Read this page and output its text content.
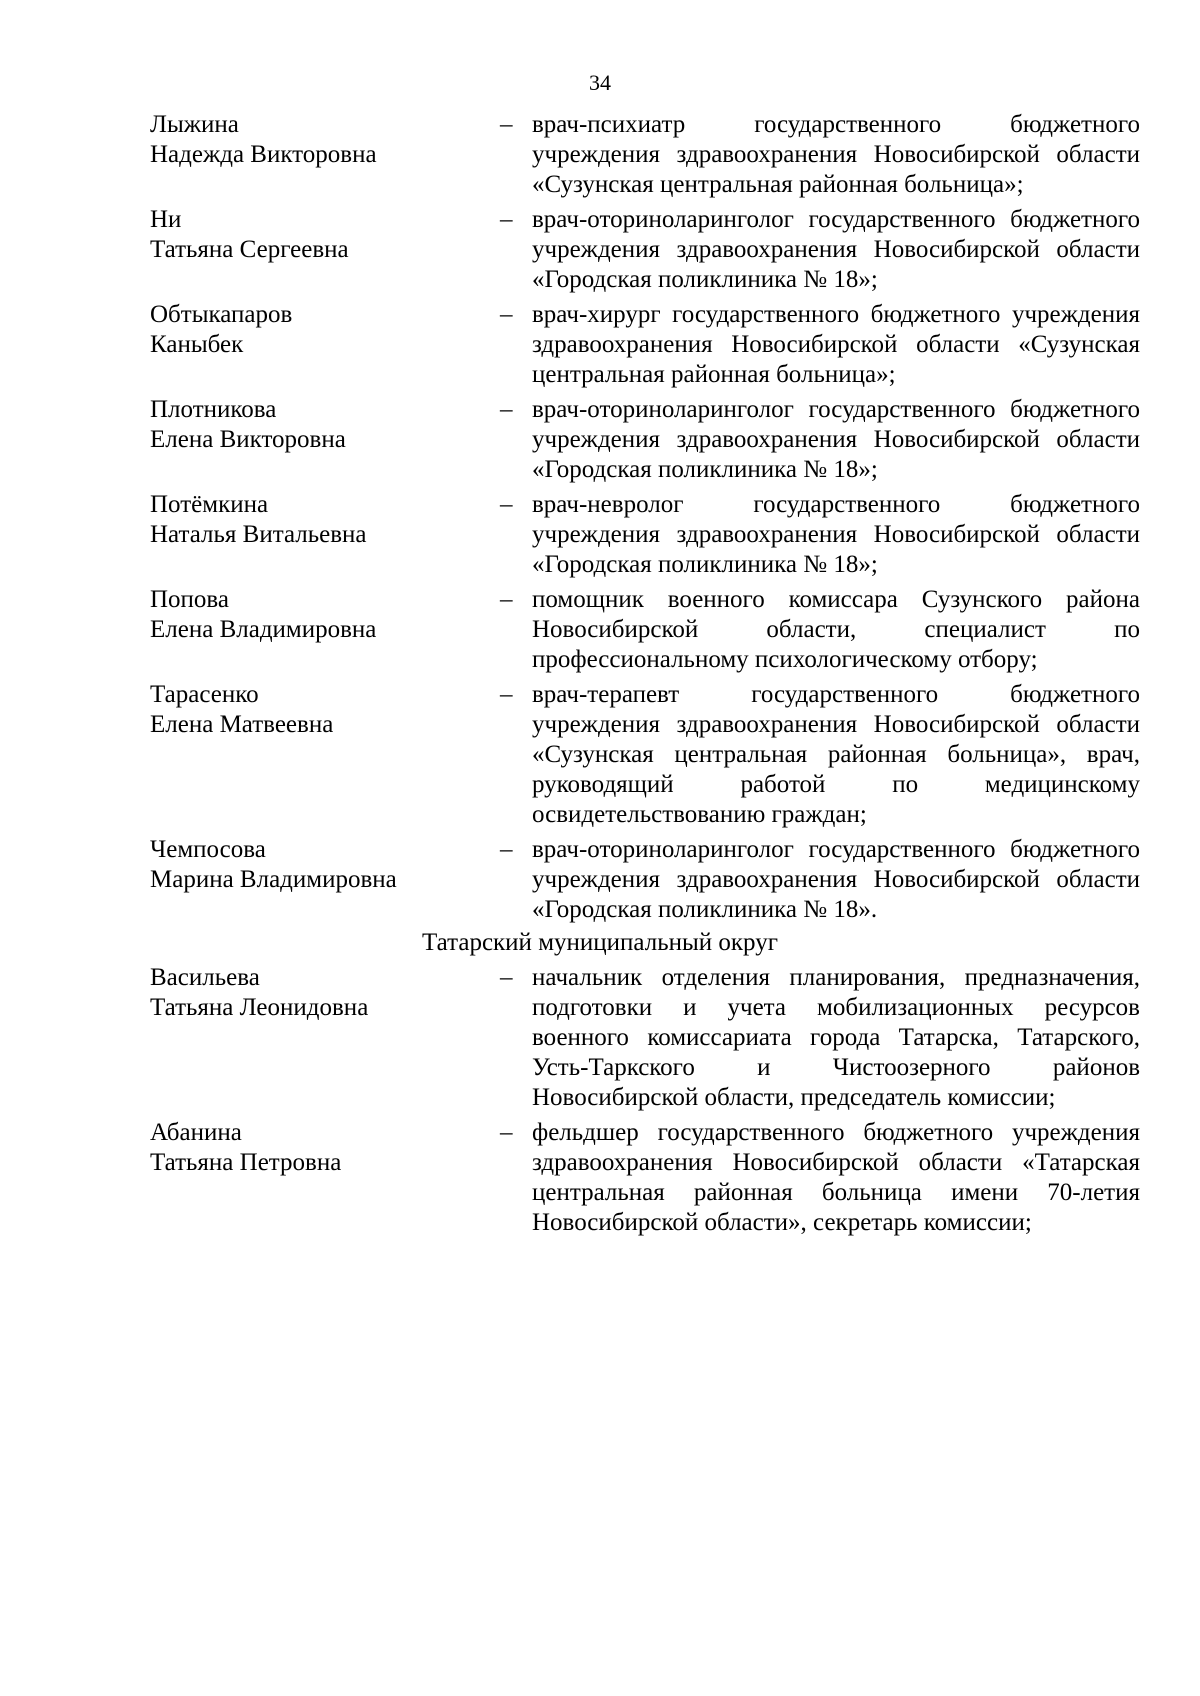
34
Лыжина
Надежда Викторовна
– врач-психиатр государственного бюджетного учреждения здравоохранения Новосибирской области «Сузунская центральная районная больница»;
Ни
Татьяна Сергеевна
– врач-оториноларинголог государственного бюджетного учреждения здравоохранения Новосибирской области «Городская поликлиника № 18»;
Обтыкапаров
Каныбек
– врач-хирург государственного бюджетного учреждения здравоохранения Новосибирской области «Сузунская центральная районная больница»;
Плотникова
Елена Викторовна
– врач-оториноларинголог государственного бюджетного учреждения здравоохранения Новосибирской области «Городская поликлиника № 18»;
Потёмкина
Наталья Витальевна
– врач-невролог государственного бюджетного учреждения здравоохранения Новосибирской области «Городская поликлиника № 18»;
Попова
Елена Владимировна
– помощник военного комиссара Сузунского района Новосибирской области, специалист по профессиональному психологическому отбору;
Тарасенко
Елена Матвеевна
– врач-терапевт государственного бюджетного учреждения здравоохранения Новосибирской области «Сузунская центральная районная больница», врач, руководящий работой по медицинскому освидетельствованию граждан;
Чемпосова
Марина Владимировна
– врач-оториноларинголог государственного бюджетного учреждения здравоохранения Новосибирской области «Городская поликлиника № 18».
Татарский муниципальный округ
Васильева
Татьяна Леонидовна
– начальник отделения планирования, предназначения, подготовки и учета мобилизационных ресурсов военного комиссариата города Татарска, Татарского, Усть-Таркского и Чистоозерного районов Новосибирской области, председатель комиссии;
Абанина
Татьяна Петровна
– фельдшер государственного бюджетного учреждения здравоохранения Новосибирской области «Татарская центральная районная больница имени 70-летия Новосибирской области», секретарь комиссии;
